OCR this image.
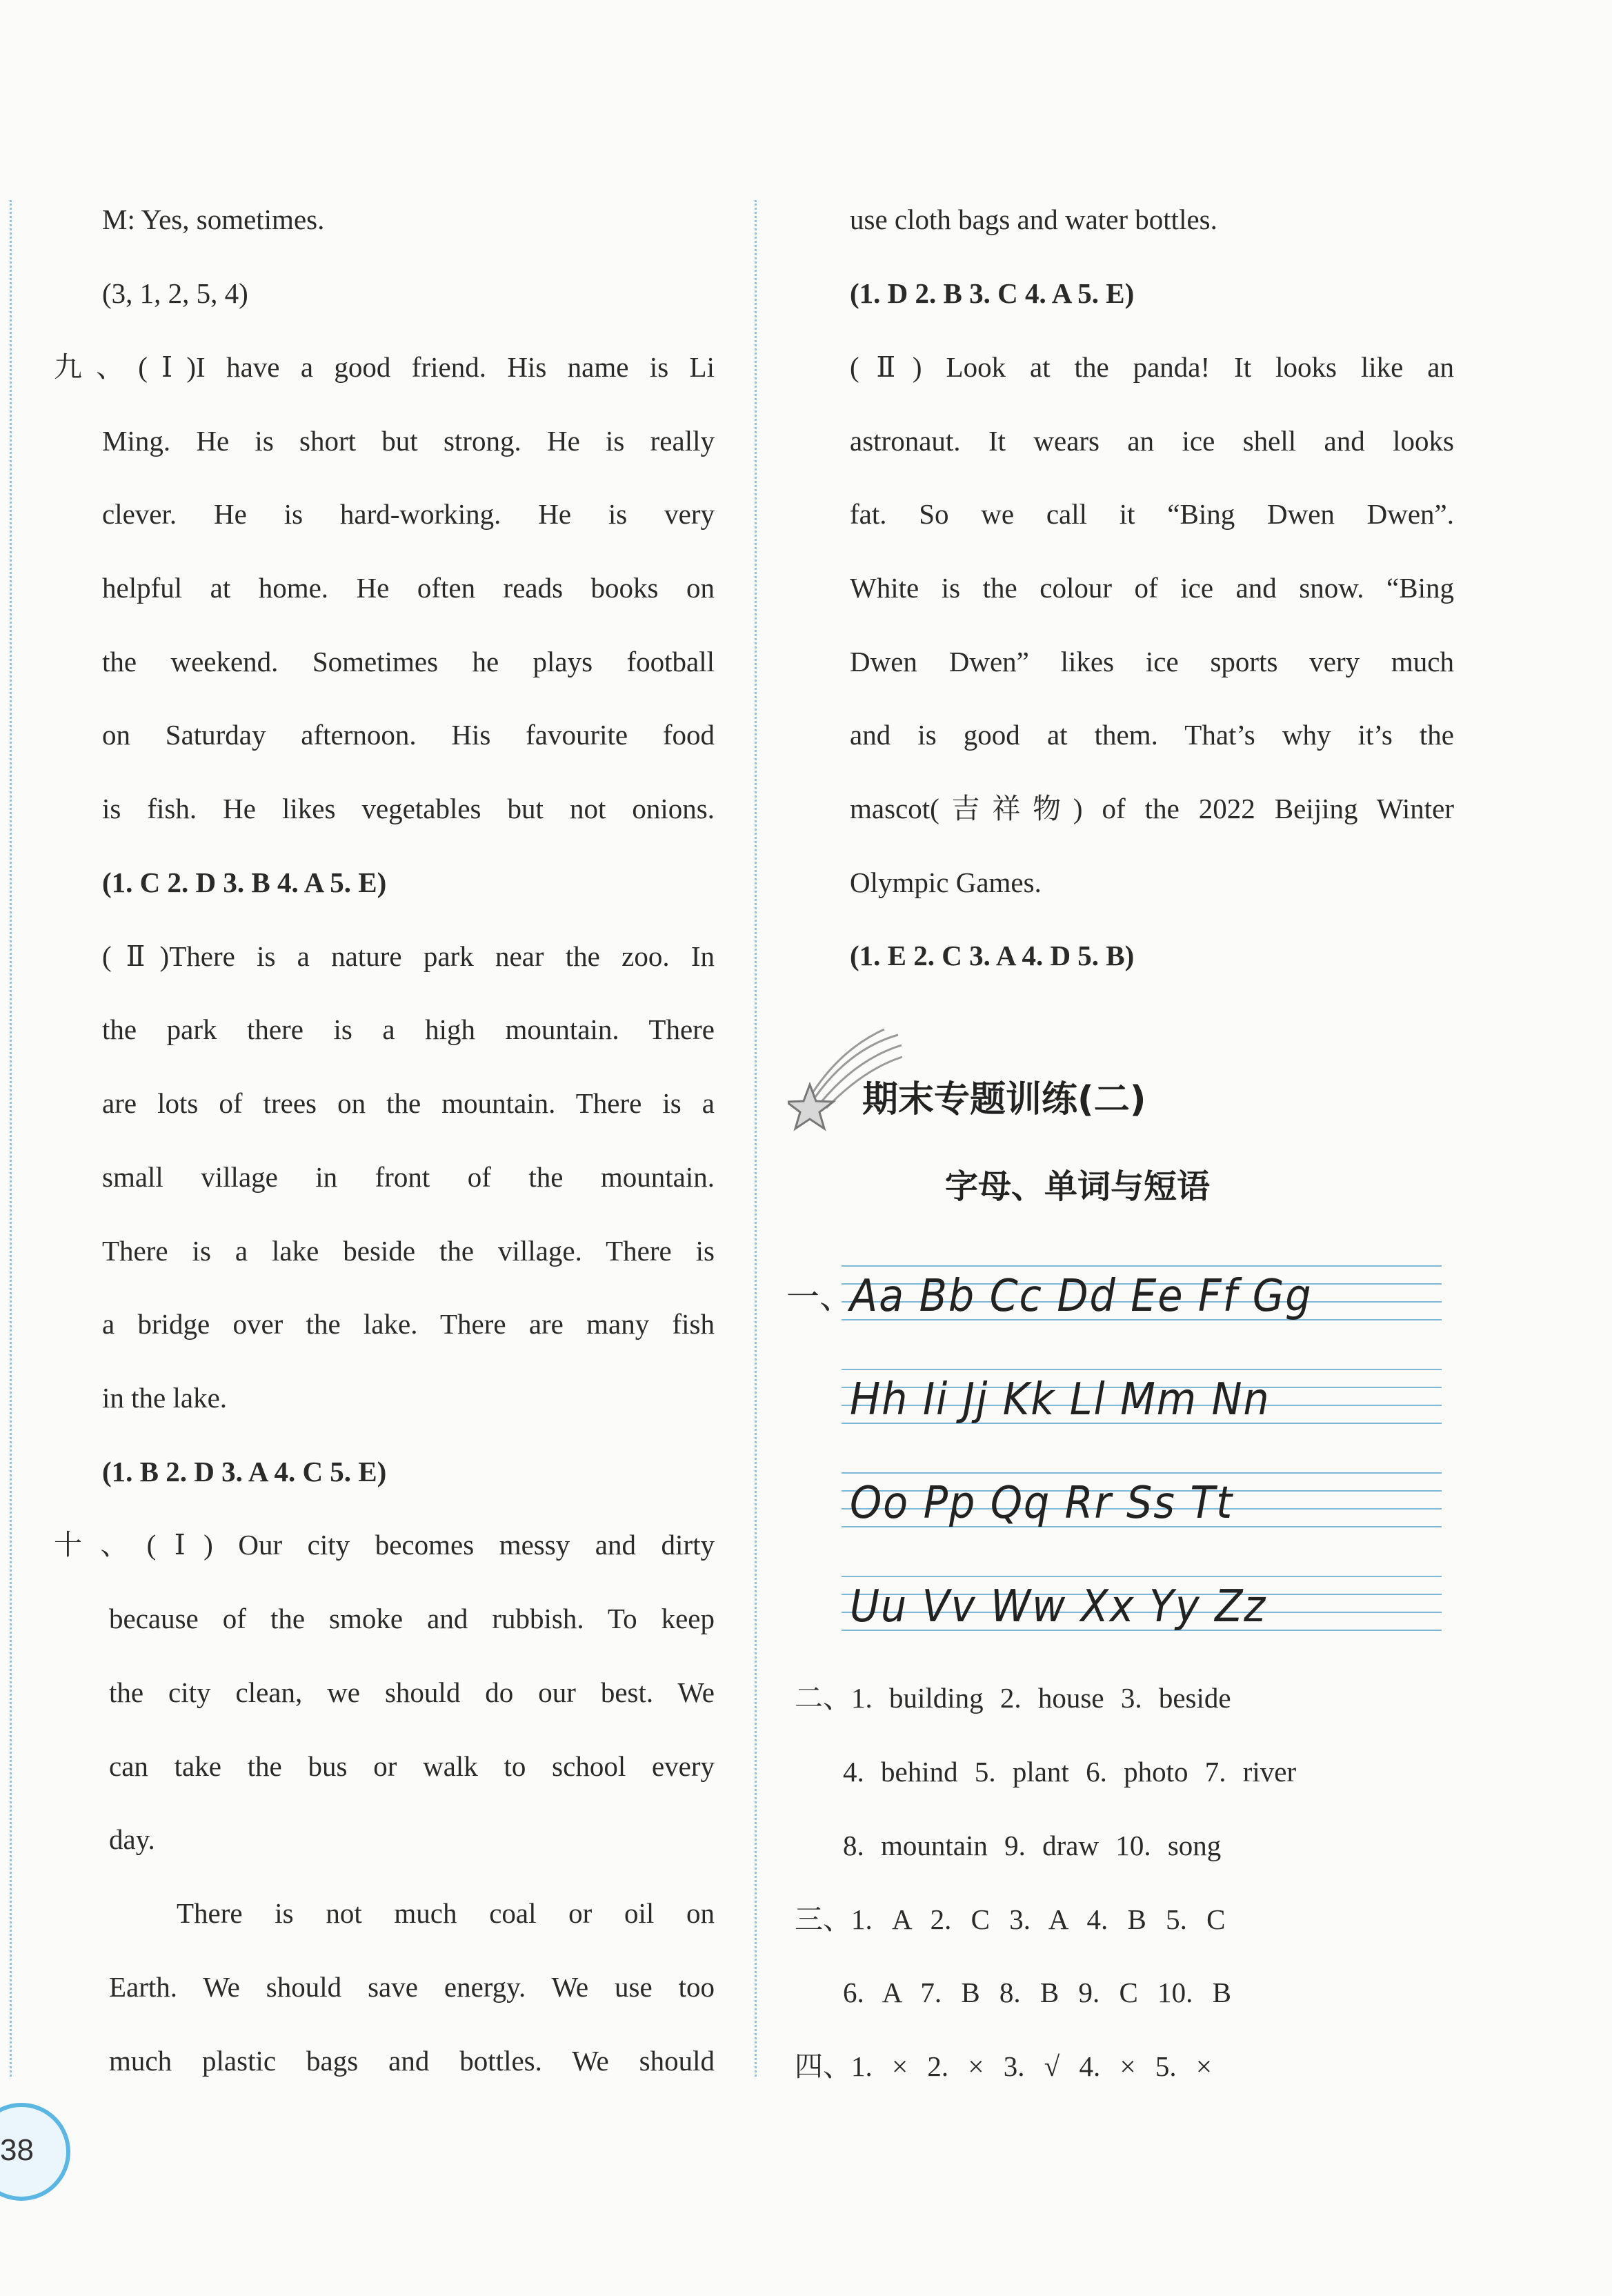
M: Yes, sometimes.
(3, 1, 2, 5, 4)
九、(Ⅰ)I have a good friend. His name is Li
Ming. He is short but strong. He is really
clever. He is hard-working. He is very
helpful at home. He often reads books on
the weekend. Sometimes he plays football
on Saturday afternoon. His favourite food
is fish. He likes vegetables but not onions.
(1. C 2. D 3. B 4. A 5. E)
(Ⅱ)There is a nature park near the zoo. In
the park there is a high mountain. There
are lots of trees on the mountain. There is a
small village in front of the mountain.
There is a lake beside the village. There is
a bridge over the lake. There are many fish
in the lake.
(1. B 2. D 3. A 4. C 5. E)
十、(Ⅰ) Our city becomes messy and dirty
because of the smoke and rubbish. To keep
the city clean, we should do our best. We
can take the bus or walk to school every
day.
There is not much coal or oil on
Earth. We should save energy. We use too
much plastic bags and bottles. We should
use cloth bags and water bottles.
(1. D 2. B 3. C 4. A 5. E)
(Ⅱ) Look at the panda! It looks like an
astronaut. It wears an ice shell and looks
fat. So we call it “Bing Dwen Dwen”.
White is the colour of ice and snow. “Bing
Dwen Dwen” likes ice sports very much
and is good at them. That’s why it’s the
mascot(吉祥物) of the 2022 Beijing Winter
Olympic Games.
(1. E 2. C 3. A 4. D 5. B)
期末专题训练(二)
字母、单词与短语
一、
Aa Bb Cc Dd Ee Ff Gg
Hh Ii Jj Kk Ll Mm Nn
Oo Pp Qq Rr Ss Tt
Uu Vv Ww Xx Yy Zz
二、1. building 2. house 3. beside
4. behind 5. plant 6. photo 7. river
8. mountain 9. draw 10. song
三、1. A 2. C 3. A 4. B 5. C
6. A 7. B 8. B 9. C 10. B
四、1. × 2. × 3. √ 4. × 5. ×
38
